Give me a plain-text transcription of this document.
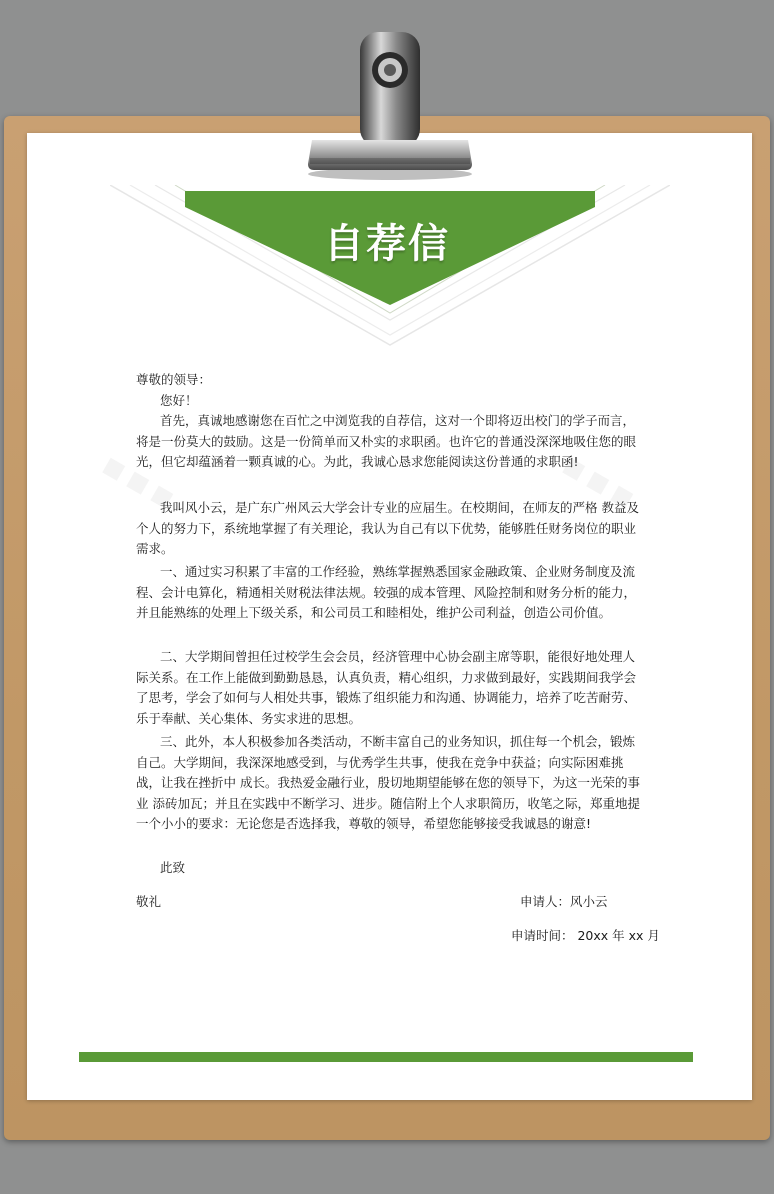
自荐信
■ ■ ■	■ ■ ■

尊敬的领导：

您好！

首先，真诚地感谢您在百忙之中浏览我的自荐信，这对一个即将迈出校门的学子而言，将是一份莫大的鼓励。这是一份简单而又朴实的求职函。也许它的普通没深深地吸住您的眼光，但它却蕴涵着一颗真诚的心。为此，我诚心恳求您能阅读这份普通的求职函!

我叫风小云，是广东广州风云大学会计专业的应届生。在校期间，在师友的严格 教益及个人的努力下，系统地掌握了有关理论，我认为自己有以下优势，能够胜任财务岗位的职业需求。

一、通过实习积累了丰富的工作经验，熟练掌握熟悉国家金融政策、企业财务制度及流程、会计电算化，精通相关财税法律法规。较强的成本管理、风险控制和财务分析的能力，并且能熟练的处理上下级关系，和公司员工和睦相处，维护公司利益，创造公司价值。

二、大学期间曾担任过校学生会会员，经济管理中心协会副主席等职，能很好地处理人际关系。在工作上能做到勤勤恳恳，认真负责，精心组织，力求做到最好，实践期间我学会了思考，学会了如何与人相处共事，锻炼了组织能力和沟通、协调能力，培养了吃苦耐劳、乐于奉献、关心集体、务实求进的思想。

三、此外，本人积极参加各类活动，不断丰富自己的业务知识，抓住每一个机会，锻炼自己。大学期间，我深深地感受到，与优秀学生共事，使我在竞争中获益；向实际困难挑战，让我在挫折中 成长。我热爱金融行业，殷切地期望能够在您的领导下，为这一光荣的事业 添砖加瓦；并且在实践中不断学习、进步。随信附上个人求职简历，收笔之际，郑重地提 一个小小的要求：无论您是否选择我，尊敬的领导，希望您能够接受我诚恳的谢意!

此致

敬礼	申请人：风小云
申请时间： 20xx 年 xx 月
